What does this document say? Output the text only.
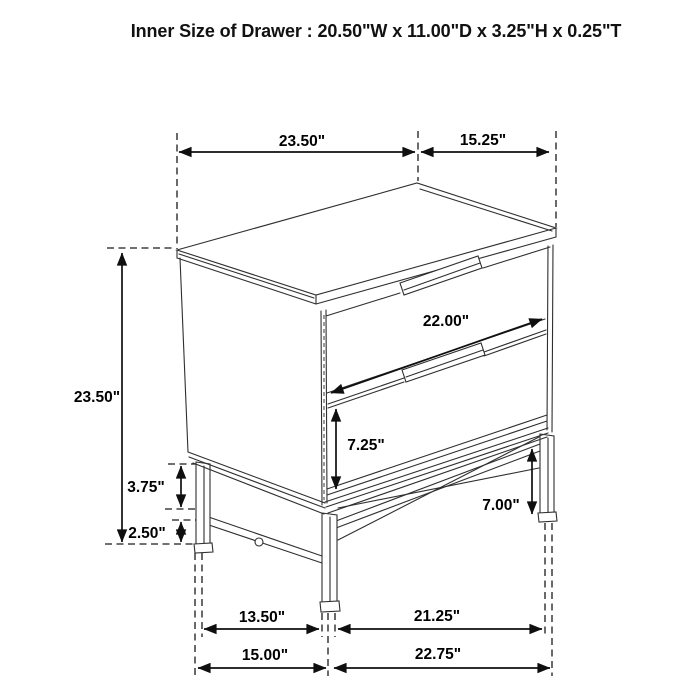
Inner Size of Drawer : 20.50"W x 11.00"D x 3.25"H x 0.25"T
23.50"	15.25"
23.50"
22.00"
7.25"
7.00"
3.75"
2.50"
13.50"	21.25"
15.00"	22.75"
